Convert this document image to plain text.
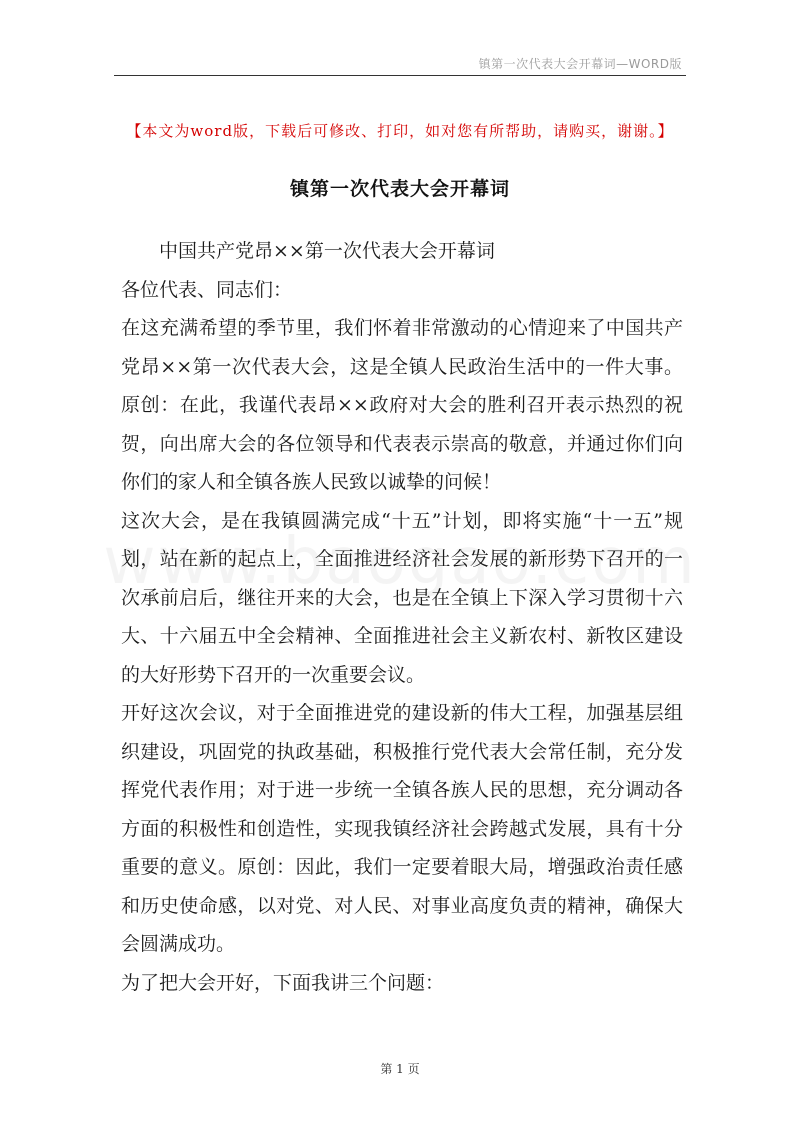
镇第一次代表大会开幕词—WORD版
【本文为word版，下载后可修改、打印，如对您有所帮助，请购买，谢谢。】
镇第一次代表大会开幕词

中国共产党昂××第一次代表大会开幕词

各位代表、同志们：

在这充满希望的季节里，我们怀着非常激动的心情迎来了中国共产党昂××第一次代表大会，这是全镇人民政治生活中的一件大事。原创：在此，我谨代表昂××政府对大会的胜利召开表示热烈的祝贺，向出席大会的各位领导和代表表示崇高的敬意，并通过你们向你们的家人和全镇各族人民致以诚挚的问候！

这次大会，是在我镇圆满完成“十五”计划，即将实施“十一五”规划，站在新的起点上，全面推进经济社会发展的新形势下召开的一次承前启后，继往开来的大会，也是在全镇上下深入学习贯彻十六大、十六届五中全会精神、全面推进社会主义新农村、新牧区建设的大好形势下召开的一次重要会议。

开好这次会议，对于全面推进党的建设新的伟大工程，加强基层组织建设，巩固党的执政基础，积极推行党代表大会常任制，充分发挥党代表作用；对于进一步统一全镇各族人民的思想，充分调动各方面的积极性和创造性，实现我镇经济社会跨越式发展，具有十分重要的意义。原创：因此，我们一定要着眼大局，增强政治责任感和历史使命感，以对党、对人民、对事业高度负责的精神，确保大会圆满成功。

为了把大会开好，下面我讲三个问题：

第 1 页
